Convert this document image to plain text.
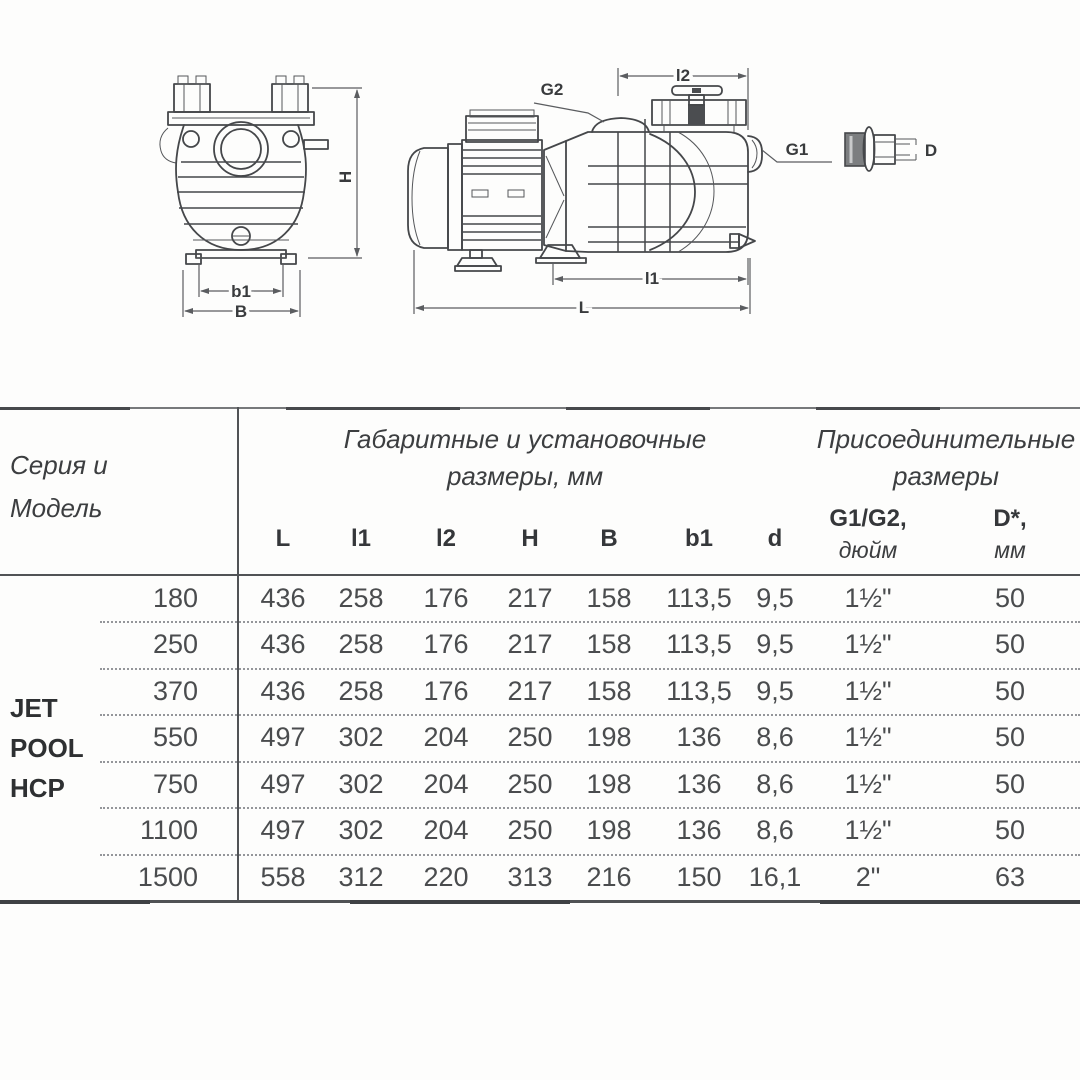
H
b1
B
l2
G2
G1
l1
L
D
Серия и
Модель
Габаритные и установочные
размеры, мм
Присоединительные
размеры
L	l1	l2	H	B	b1	d
G1/G2,
дюйм
D*,
мм
JET
POOL
HCP
180	436	258	176	217	158	113,5 9,5	1½"	50
250	436	258	176	217	158	113,5 9,5	1½"	50
370	436	258	176	217	158	113,5 9,5	1½"	50
550	497	302	204	250	198	136	8,6	1½"	50
750	497	302	204	250	198	136	8,6	1½"	50
1100	497	302	204	250	198	136	8,6	1½"	50
1500	558	312	220	313	216	150	16,1	2"	63
